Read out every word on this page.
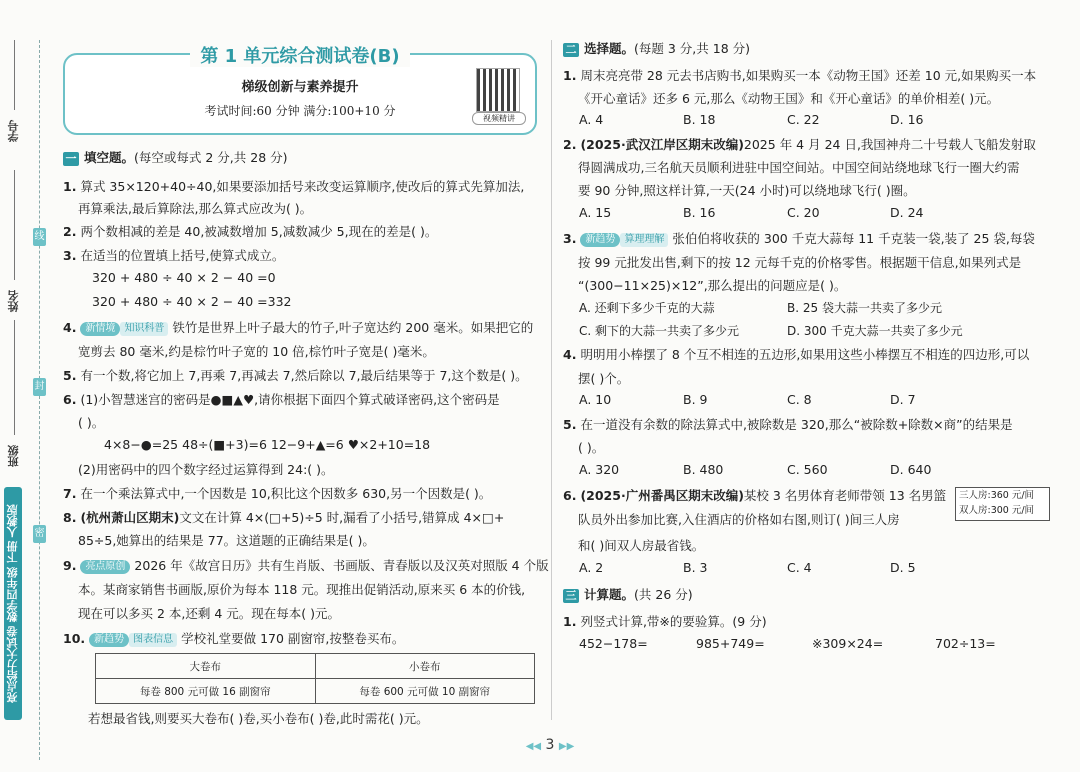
学号
姓名
班级
线
封
密
亮点给力大试卷 数学四年级 下册 人教版
第 1 单元综合测试卷(B)
梯级创新与素养提升
考试时间:60 分钟 满分:100+10 分
视频精讲
一 填空题。(每空或每式 2 分,共 28 分)
1. 算式 35×120+40÷40,如果要添加括号来改变运算顺序,使改后的算式先算加法,
再算乘法,最后算除法,那么算式应改为( )。
2. 两个数相减的差是 40,被减数增加 5,减数减少 5,现在的差是( )。
3. 在适当的位置填上括号,使算式成立。
320 + 480 ÷ 40 × 2 − 40 =0
320 + 480 ÷ 40 × 2 − 40 =332
4. 新情境 知识科普 铁竹是世界上叶子最大的竹子,叶子宽达约 200 毫米。如果把它的
宽剪去 80 毫米,约是棕竹叶子宽的 10 倍,棕竹叶子宽是( )毫米。
5. 有一个数,将它加上 7,再乘 7,再减去 7,然后除以 7,最后结果等于 7,这个数是( )。
6. (1)小智慧迷宫的密码是●■▲♥,请你根据下面四个算式破译密码,这个密码是
( )。
4×8−●=25 48÷(■+3)=6 12−9+▲=6 ♥×2+10=18
(2)用密码中的四个数字经过运算得到 24:( )。
7. 在一个乘法算式中,一个因数是 10,积比这个因数多 630,另一个因数是( )。
8. (杭州萧山区期末)文文在计算 4×(□+5)÷5 时,漏看了小括号,错算成 4×□+
85÷5,她算出的结果是 77。这道题的正确结果是( )。
9. 亮点原创 2026 年《故宫日历》共有生肖版、书画版、青春版以及汉英对照版 4 个版
本。某商家销售书画版,原价为每本 118 元。现推出促销活动,原来买 6 本的价钱,
现在可以多买 2 本,还剩 4 元。现在每本( )元。
10. 新趋势 图表信息 学校礼堂要做 170 副窗帘,按整卷买布。
大卷布	小卷布
每卷 800 元可做 16 副窗帘	每卷 600 元可做 10 副窗帘
若想最省钱,则要买大卷布( )卷,买小卷布( )卷,此时需花( )元。
二 选择题。(每题 3 分,共 18 分)
1. 周末亮亮带 28 元去书店购书,如果购买一本《动物王国》还差 10 元,如果购买一本
《开心童话》还多 6 元,那么《动物王国》和《开心童话》的单价相差( )元。
A. 4	B. 18	C. 22	D. 16
2. (2025·武汉江岸区期末改编)2025 年 4 月 24 日,我国神舟二十号载人飞船发射取
得圆满成功,三名航天员顺利进驻中国空间站。中国空间站绕地球飞行一圈大约需
要 90 分钟,照这样计算,一天(24 小时)可以绕地球飞行( )圈。
A. 15	B. 16	C. 20	D. 24
3. 新趋势 算理理解 张伯伯将收获的 300 千克大蒜每 11 千克装一袋,装了 25 袋,每袋
按 99 元批发出售,剩下的按 12 元每千克的价格零售。根据题干信息,如果列式是
“(300−11×25)×12”,那么提出的问题应是( )。
A. 还剩下多少千克的大蒜	B. 25 袋大蒜一共卖了多少元
C. 剩下的大蒜一共卖了多少元	D. 300 千克大蒜一共卖了多少元
4. 明明用小棒摆了 8 个互不相连的五边形,如果用这些小棒摆互不相连的四边形,可以
摆( )个。
A. 10	B. 9	C. 8	D. 7
5. 在一道没有余数的除法算式中,被除数是 320,那么“被除数+除数×商”的结果是
( )。
A. 320	B. 480	C. 560	D. 640
6. (2025·广州番禺区期末改编)某校 3 名男体育老师带领 13 名男篮
队员外出参加比赛,入住酒店的价格如右图,则订( )间三人房
和( )间双人房最省钱。
三人房:360 元/间
双人房:300 元/间
A. 2	B. 3	C. 4	D. 5
三 计算题。(共 26 分)
1. 列竖式计算,带※的要验算。(9 分)
452−178=	985+749=	※309×24=	702÷13=
◀◀ 3 ▶▶
